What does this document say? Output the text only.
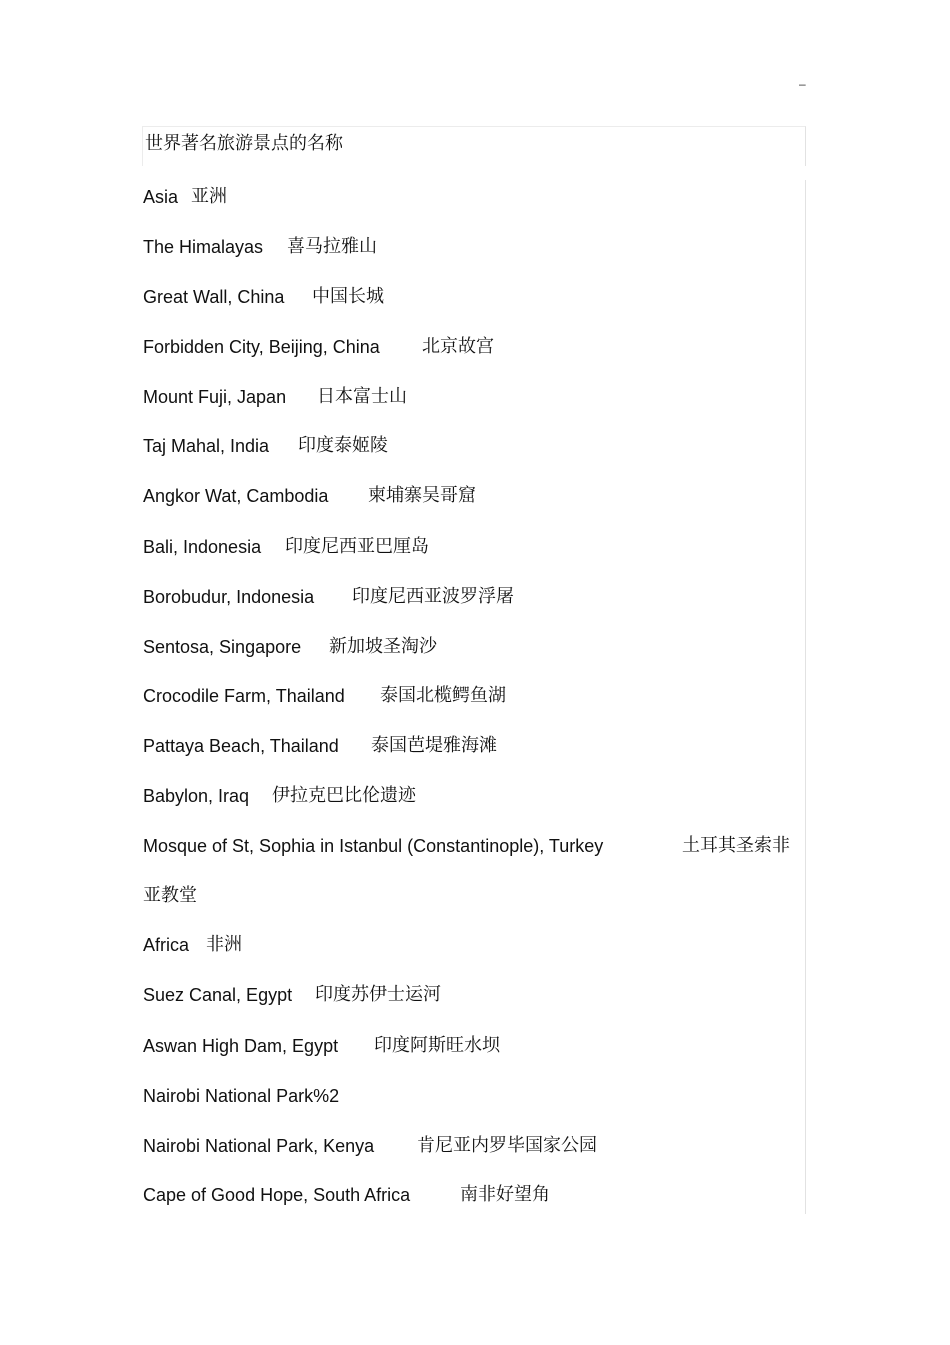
–
世界著名旅游景点的名称
Asia 亚洲
The Himalayas 喜马拉雅山
Great Wall, China 中国长城
Forbidden City, Beijing, China 北京故宫
Mount Fuji, Japan 日本富士山
Taj Mahal, India 印度泰姬陵
Angkor Wat, Cambodia 柬埔寨吴哥窟
Bali, Indonesia 印度尼西亚巴厘岛
Borobudur, Indonesia 印度尼西亚波罗浮屠
Sentosa, Singapore 新加坡圣淘沙
Crocodile Farm, Thailand 泰国北榄鳄鱼湖
Pattaya Beach, Thailand 泰国芭堤雅海滩
Babylon, Iraq 伊拉克巴比伦遗迹
Mosque of St, Sophia in Istanbul (Constantinople), Turkey	土耳其圣索非
亚教堂
Africa 非洲
Suez Canal, Egypt 印度苏伊士运河
Aswan High Dam, Egypt 印度阿斯旺水坝
Nairobi National Park%2
Nairobi National Park, Kenya 肯尼亚内罗毕国家公园
Cape of Good Hope, South Africa	南非好望角
